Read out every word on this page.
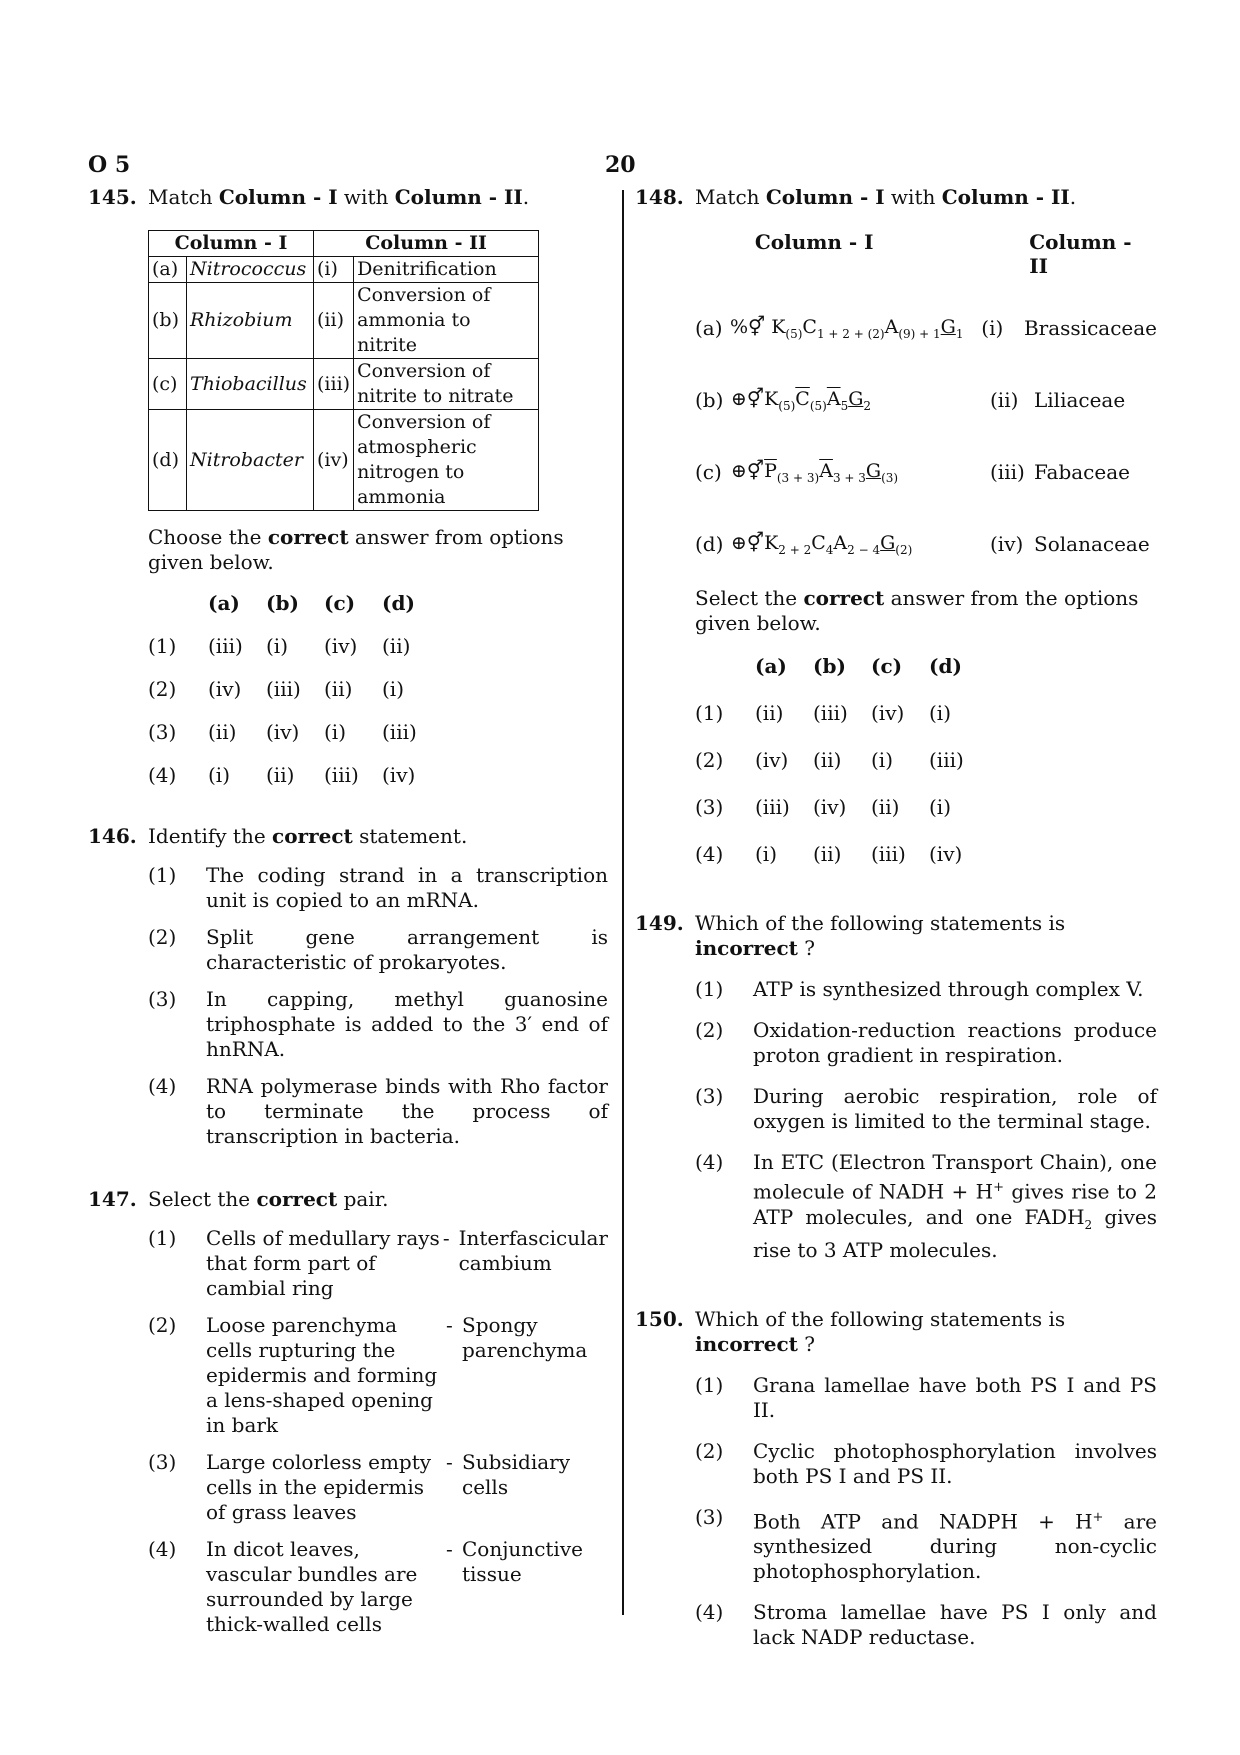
O 5	20
145. Match Column - I with Column - II.
Column - I		Column - II	
(a)	Nitrococcus	(i)	Denitrification
(b)	Rhizobium	(ii)	Conversion of ammonia to nitrite
(c)	Thiobacillus	(iii)	Conversion of nitrite to nitrate
(d)	Nitrobacter	(iv)	Conversion of atmospheric nitrogen to ammonia
Choose the correct answer from options given below.
(a)	(b)	(c)	(d)
(1)	(iii)	(i)	(iv)	(ii)
(2)	(iv)	(iii)	(ii)	(i)
(3)	(ii)	(iv)	(i)	(iii)
(4)	(i)	(ii)	(iii)	(iv)
146. Identify the correct statement.
(1) The coding strand in a transcription unit is copied to an mRNA.
(2) Split gene arrangement is characteristic of prokaryotes.
(3) In capping, methyl guanosine triphosphate is added to the 3′ end of hnRNA.
(4) RNA polymerase binds with Rho factor to terminate the process of transcription in bacteria.
147. Select the correct pair.
(1) Cells of medullary rays that form part of cambial ring
- Interfascicular cambium
(2) Loose parenchyma cells rupturing the epidermis and forming a lens-shaped opening in bark
- Spongy parenchyma
(3) Large colorless empty cells in the epidermis of grass leaves
- Subsidiary cells
(4) In dicot leaves, vascular bundles are surrounded by large thick-walled cells
- Conjunctive tissue
148. Match Column - I with Column - II.
Column - I	Column - II
(a) %⚥ $K_{(5)}C_{1 + 2 + (2)}A_{(9) + 1}G_1$ (i)	Brassicaceae
(b) $\oplus⚥K_{(5)}\overline{C}_{(5)}\overline{A}_5G_2$	(ii) Liliaceae
(c) $\oplus⚥\overline{P}_{(3 + 3)}\overline{A}_{3 + 3}G_{(3)}$	(iii) Fabaceae
(d) $\oplus⚥K_{2 + 2}C_4A_{2 - 4}G_{(2)}$	(iv) Solanaceae
Select the correct answer from the options given below.
(a)	(b)	(c)	(d)
(1)	(ii)	(iii)	(iv)	(i)
(2)	(iv)	(ii)	(i)	(iii)
(3)	(iii)	(iv)	(ii)	(i)
(4)	(i)	(ii)	(iii)	(iv)
149. Which of the following statements is incorrect ?
(1) ATP is synthesized through complex V.
(2) Oxidation-reduction reactions produce proton gradient in respiration.
(3) During aerobic respiration, role of oxygen is limited to the terminal stage.
(4) In ETC (Electron Transport Chain), one molecule of NADH + H+ gives rise to 2 ATP molecules, and one $FADH_2$ gives rise to 3 ATP molecules.
150. Which of the following statements is incorrect ?
(1) Grana lamellae have both PS I and PS II.
(2) Cyclic photophosphorylation involves both PS I and PS II.
(3) Both ATP and NADPH + H+ are synthesized during non-cyclic photophosphorylation.
(4) Stroma lamellae have PS I only and lack NADP reductase.
